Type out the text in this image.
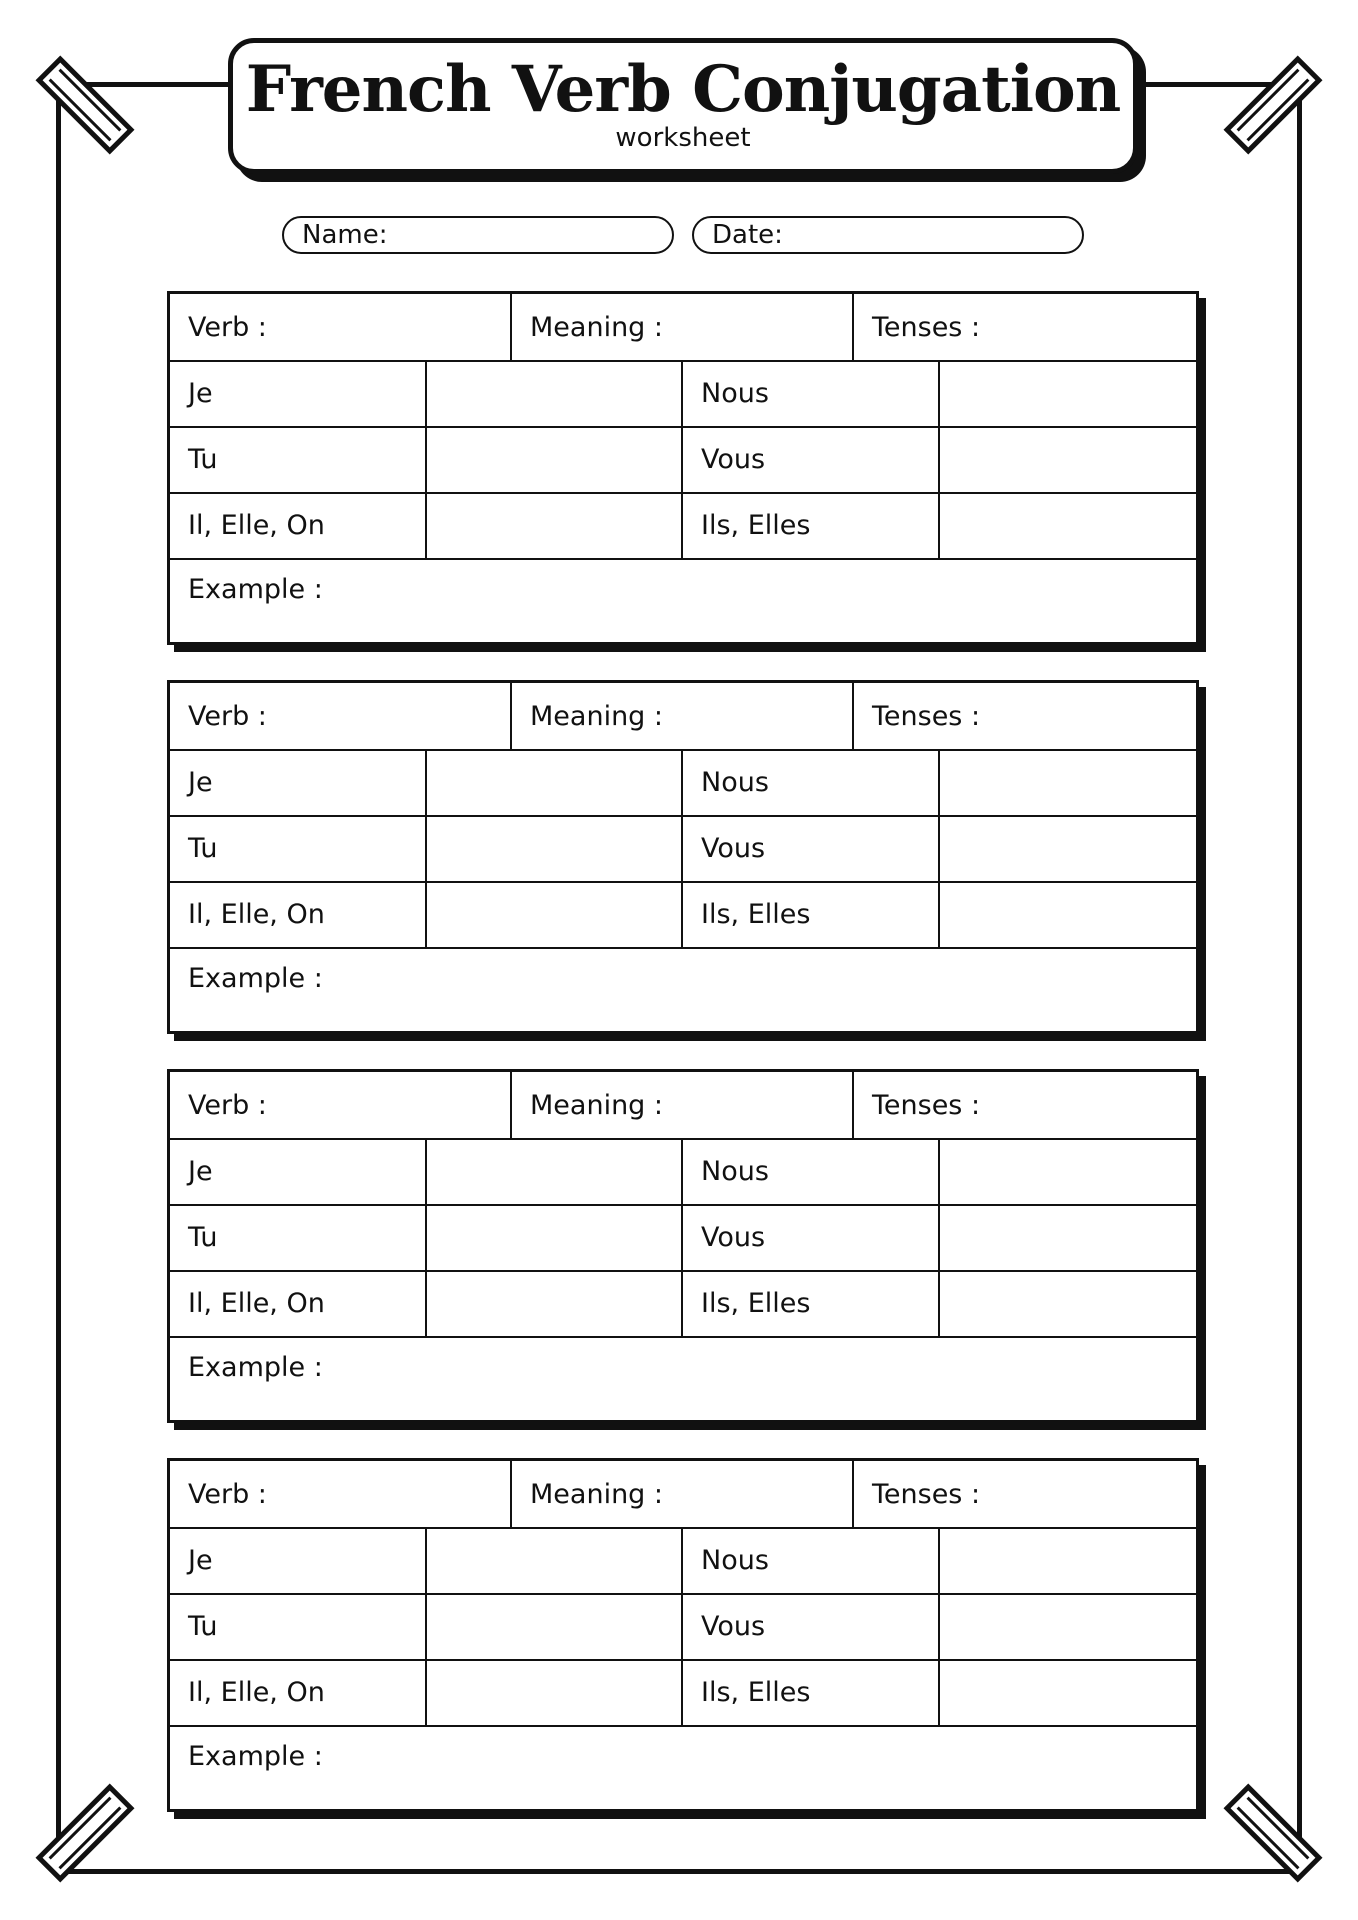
French Verb Conjugation
worksheet
Name:	Date:
Verb :	Meaning :	Tenses :
Je	Nous
Tu	Vous
Il, Elle, On	Ils, Elles
Example :
Verb :	Meaning :	Tenses :
Je	Nous
Tu	Vous
Il, Elle, On	Ils, Elles
Example :
Verb :	Meaning :	Tenses :
Je	Nous
Tu	Vous
Il, Elle, On	Ils, Elles
Example :
Verb :	Meaning :	Tenses :
Je	Nous
Tu	Vous
Il, Elle, On	Ils, Elles
Example :
